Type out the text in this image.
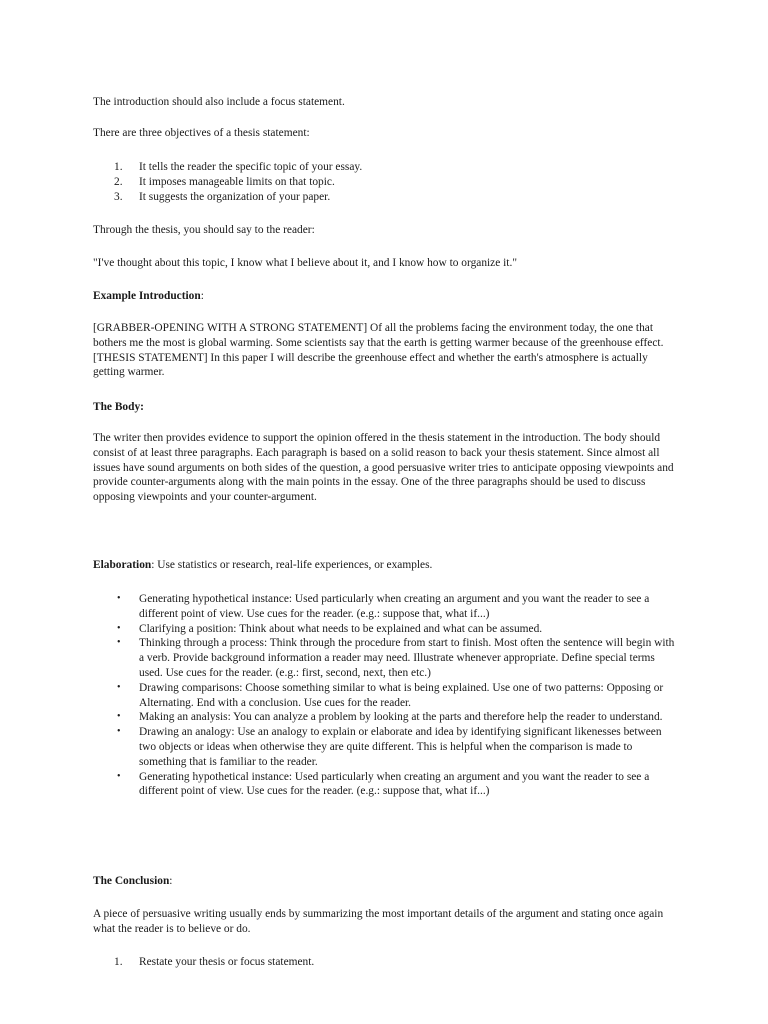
The introduction should also include a focus statement.

There are three objectives of a thesis statement:

1. It tells the reader the specific topic of your essay.
2. It imposes manageable limits on that topic.
3. It suggests the organization of your paper.

Through the thesis, you should say to the reader:

"I've thought about this topic, I know what I believe about it, and I know how to organize it."

Example Introduction:

[GRABBER-OPENING WITH A STRONG STATEMENT] Of all the problems facing the environment today, the one that bothers me the most is global warming. Some scientists say that the earth is getting warmer because of the greenhouse effect. [THESIS STATEMENT] In this paper I will describe the greenhouse effect and whether the earth's atmosphere is actually getting warmer.

The Body:

The writer then provides evidence to support the opinion offered in the thesis statement in the introduction. The body should consist of at least three paragraphs. Each paragraph is based on a solid reason to back your thesis statement. Since almost all issues have sound arguments on both sides of the question, a good persuasive writer tries to anticipate opposing viewpoints and provide counter-arguments along with the main points in the essay. One of the three paragraphs should be used to discuss opposing viewpoints and your counter-argument.

Elaboration: Use statistics or research, real-life experiences, or examples.

• Generating hypothetical instance: Used particularly when creating an argument and you want the reader to see a different point of view. Use cues for the reader. (e.g.: suppose that, what if...)
• Clarifying a position: Think about what needs to be explained and what can be assumed.
• Thinking through a process: Think through the procedure from start to finish. Most often the sentence will begin with a verb. Provide background information a reader may need. Illustrate whenever appropriate. Define special terms used. Use cues for the reader. (e.g.: first, second, next, then etc.)
• Drawing comparisons: Choose something similar to what is being explained. Use one of two patterns: Opposing or Alternating. End with a conclusion. Use cues for the reader.
• Making an analysis: You can analyze a problem by looking at the parts and therefore help the reader to understand.
• Drawing an analogy: Use an analogy to explain or elaborate and idea by identifying significant likenesses between two objects or ideas when otherwise they are quite different. This is helpful when the comparison is made to something that is familiar to the reader.
• Generating hypothetical instance: Used particularly when creating an argument and you want the reader to see a different point of view. Use cues for the reader. (e.g.: suppose that, what if...)

The Conclusion:

A piece of persuasive writing usually ends by summarizing the most important details of the argument and stating once again what the reader is to believe or do.

1. Restate your thesis or focus statement.
